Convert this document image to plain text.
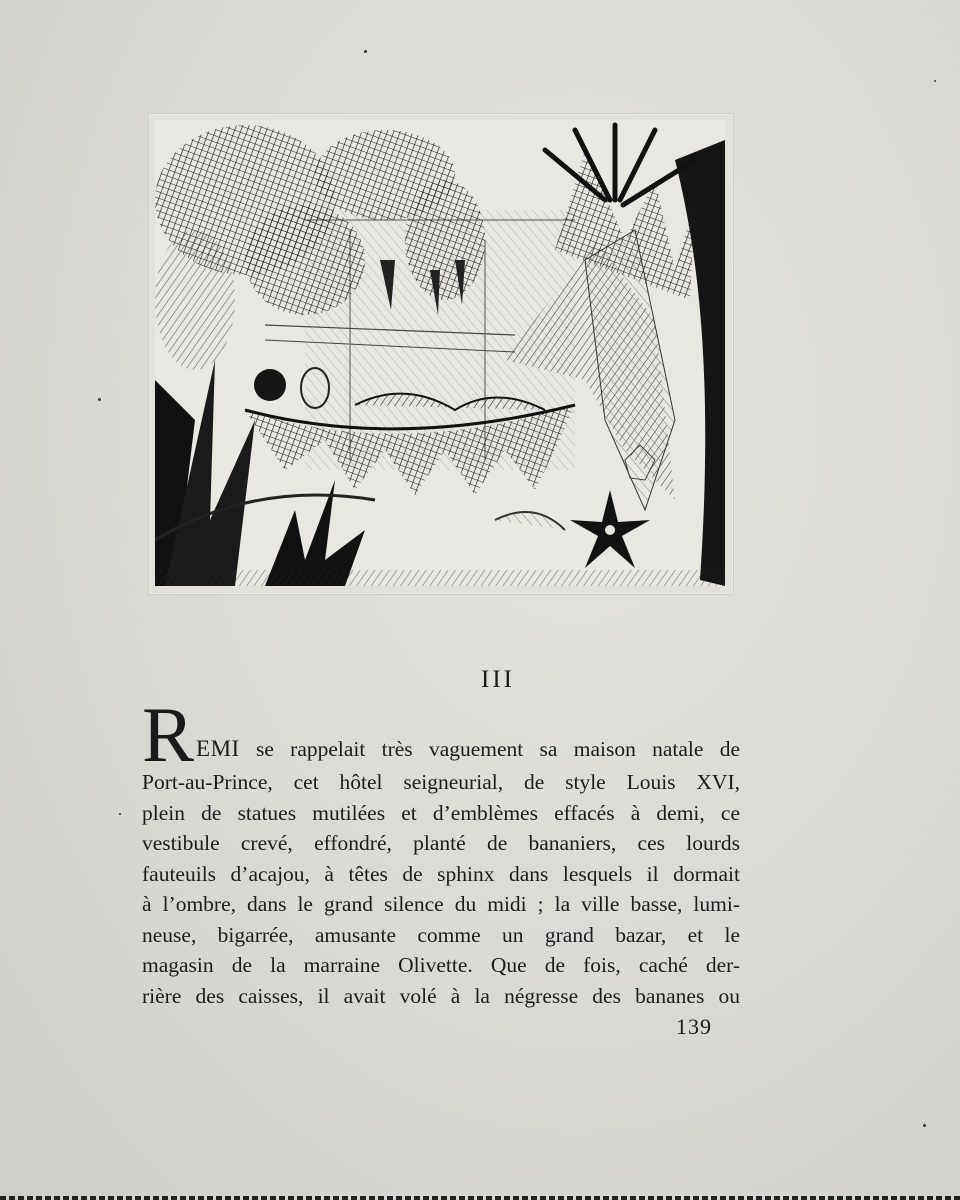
III
R EMI se rappelait très vaguement sa maison natale de
Port-au-Prince, cet hôtel seigneurial, de style Louis XVI,
plein de statues mutilées et d’emblèmes effacés à demi, ce
vestibule crevé, effondré, planté de bananiers, ces lourds
fauteuils d’acajou, à têtes de sphinx dans lesquels il dormait
à l’ombre, dans le grand silence du midi ; la ville basse, lumi-
neuse, bigarrée, amusante comme un grand bazar, et le
magasin de la marraine Olivette. Que de fois, caché der-
rière des caisses, il avait volé à la négresse des bananes ou
139
